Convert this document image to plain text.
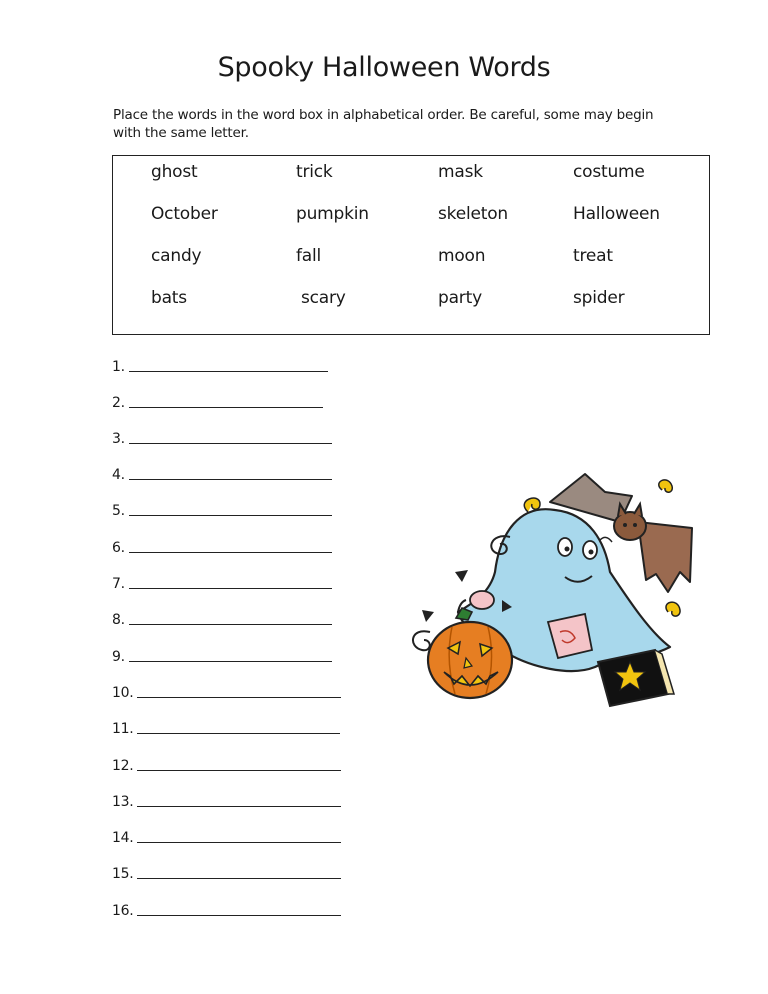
Spooky Halloween Words
Place the words in the word box in alphabetical order. Be careful, some may begin with the same letter.
ghost	trick	mask	costume
October	pumpkin	skeleton	Halloween
candy	fall	moon	treat
bats	scary	party	spider
1.
2.
3.
4.
5.
6.
7.
8.
9.
10.
11.
12.
13.
14.
15.
16.
